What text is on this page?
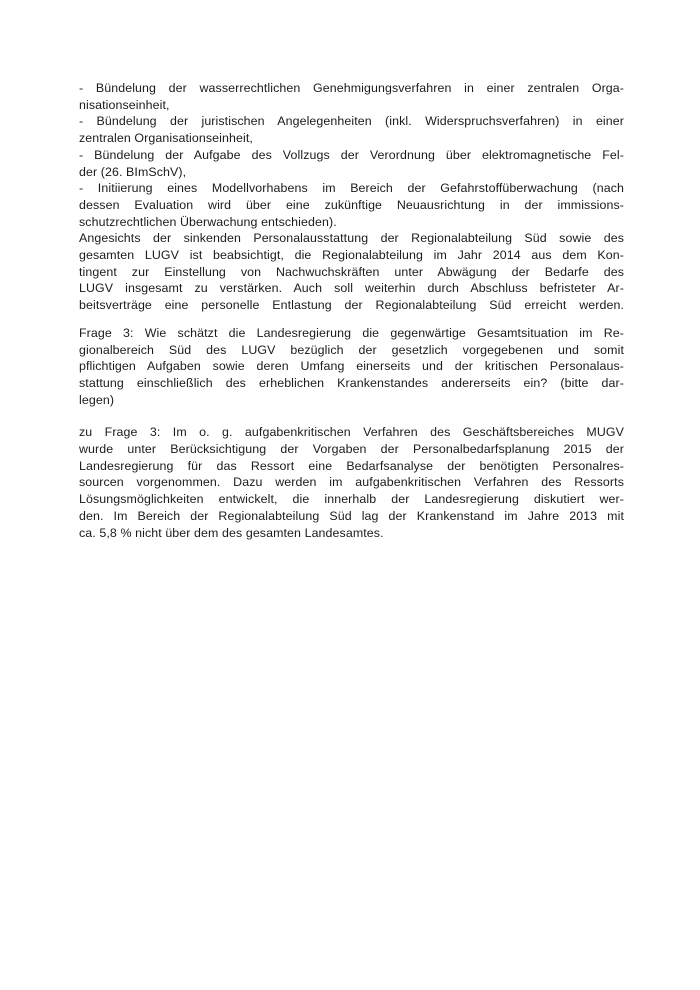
- Bündelung der wasserrechtlichen Genehmigungsverfahren in einer zentralen Orga-
nisationseinheit,
- Bündelung der juristischen Angelegenheiten (inkl. Widerspruchsverfahren) in einer
zentralen Organisationseinheit,
- Bündelung der Aufgabe des Vollzugs der Verordnung über elektromagnetische Fel-
der (26. BImSchV),
- Initiierung eines Modellvorhabens im Bereich der Gefahrstoffüberwachung (nach
dessen Evaluation wird über eine zukünftige Neuausrichtung in der immissions-
schutzrechtlichen Überwachung entschieden).
Angesichts der sinkenden Personalausstattung der Regionalabteilung Süd sowie des
gesamten LUGV ist beabsichtigt, die Regionalabteilung im Jahr 2014 aus dem Kon-
tingent zur Einstellung von Nachwuchskräften unter Abwägung der Bedarfe des
LUGV insgesamt zu verstärken. Auch soll weiterhin durch Abschluss befristeter Ar-
beitsverträge eine personelle Entlastung der Regionalabteilung Süd erreicht werden.
Frage 3: Wie schätzt die Landesregierung die gegenwärtige Gesamtsituation im Re-
gionalbereich Süd des LUGV bezüglich der gesetzlich vorgegebenen und somit
pflichtigen Aufgaben sowie deren Umfang einerseits und der kritischen Personalaus-
stattung einschließlich des erheblichen Krankenstandes andererseits ein? (bitte dar-
legen)
zu Frage 3: Im o. g. aufgabenkritischen Verfahren des Geschäftsbereiches MUGV
wurde unter Berücksichtigung der Vorgaben der Personalbedarfsplanung 2015 der
Landesregierung für das Ressort eine Bedarfsanalyse der benötigten Personalres-
sourcen vorgenommen. Dazu werden im aufgabenkritischen Verfahren des Ressorts
Lösungsmöglichkeiten entwickelt, die innerhalb der Landesregierung diskutiert wer-
den. Im Bereich der Regionalabteilung Süd lag der Krankenstand im Jahre 2013 mit
ca. 5,8 % nicht über dem des gesamten Landesamtes.
